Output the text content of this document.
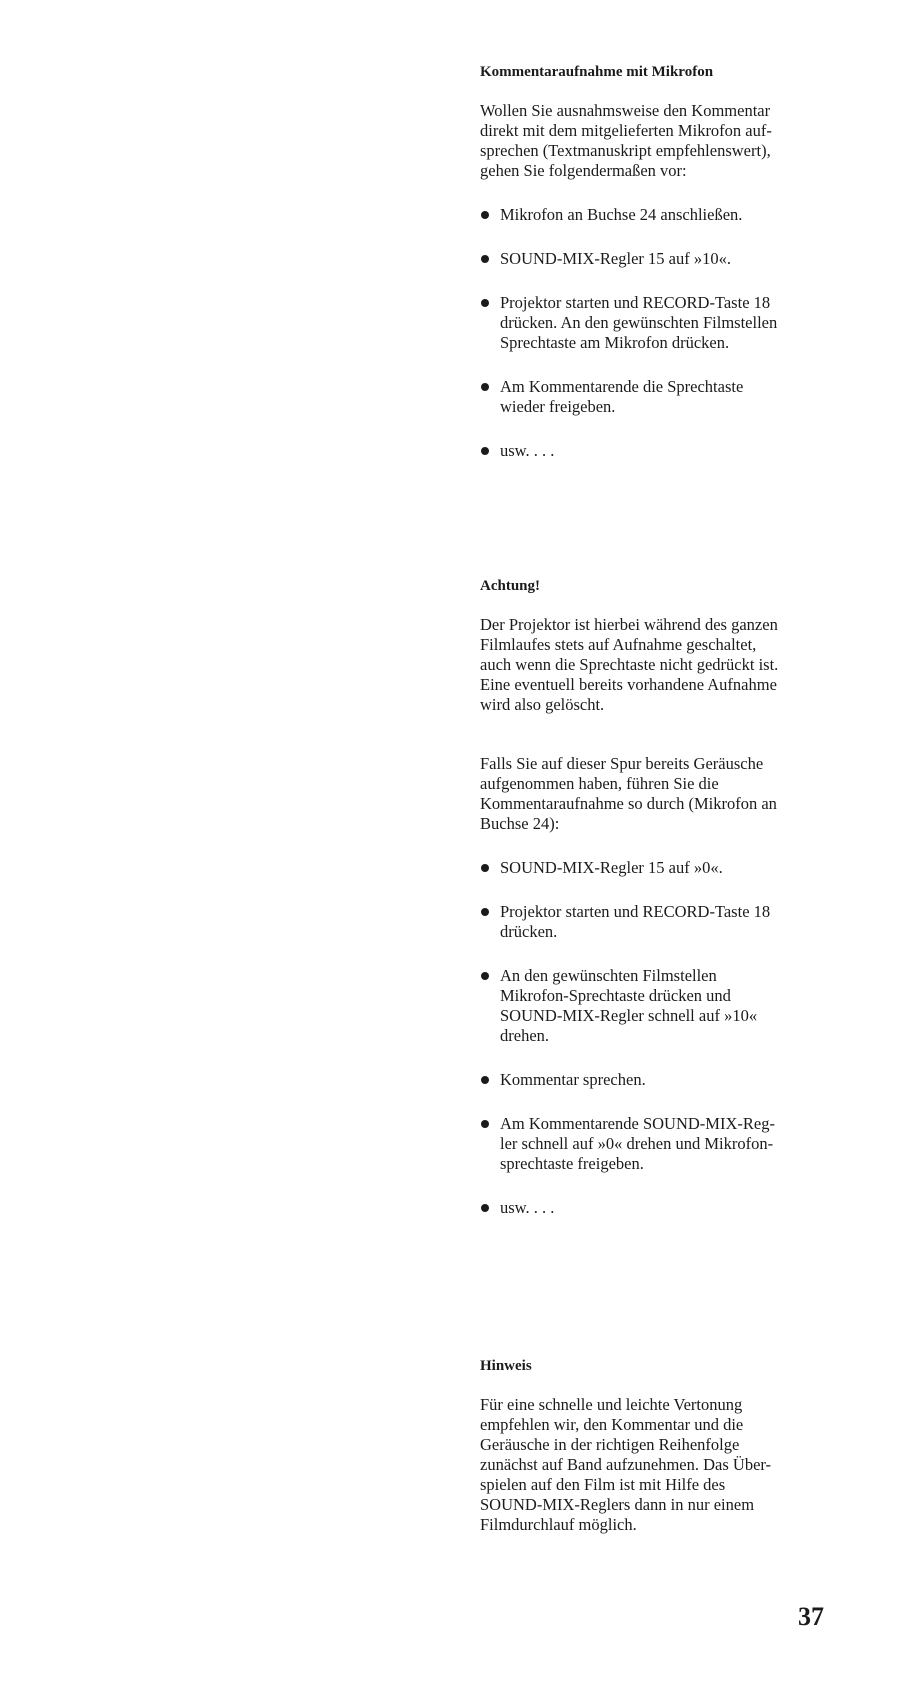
Kommentaraufnahme mit Mikrofon

Wollen Sie ausnahmsweise den Kommentar
direkt mit dem mitgelieferten Mikrofon auf-
sprechen (Textmanuskript empfehlenswert),
gehen Sie folgendermaßen vor:

Mikrofon an Buchse 24 anschließen.
SOUND-MIX-Regler 15 auf »10«.
Projektor starten und RECORD-Taste 18
drücken. An den gewünschten Filmstellen
Sprechtaste am Mikrofon drücken.
Am Kommentarende die Sprechtaste
wieder freigeben.
usw. . . .

Achtung!

Der Projektor ist hierbei während des ganzen
Filmlaufes stets auf Aufnahme geschaltet,
auch wenn die Sprechtaste nicht gedrückt ist.
Eine eventuell bereits vorhandene Aufnahme
wird also gelöscht.

Falls Sie auf dieser Spur bereits Geräusche
aufgenommen haben, führen Sie die
Kommentaraufnahme so durch (Mikrofon an
Buchse 24):

SOUND-MIX-Regler 15 auf »0«.
Projektor starten und RECORD-Taste 18
drücken.
An den gewünschten Filmstellen
Mikrofon-Sprechtaste drücken und
SOUND-MIX-Regler schnell auf »10«
drehen.
Kommentar sprechen.
Am Kommentarende SOUND-MIX-Reg-
ler schnell auf »0« drehen und Mikrofon-
sprechtaste freigeben.
usw. . . .

Hinweis

Für eine schnelle und leichte Vertonung
empfehlen wir, den Kommentar und die
Geräusche in der richtigen Reihenfolge
zunächst auf Band aufzunehmen. Das Über-
spielen auf den Film ist mit Hilfe des
SOUND-MIX-Reglers dann in nur einem
Filmdurchlauf möglich.

37
